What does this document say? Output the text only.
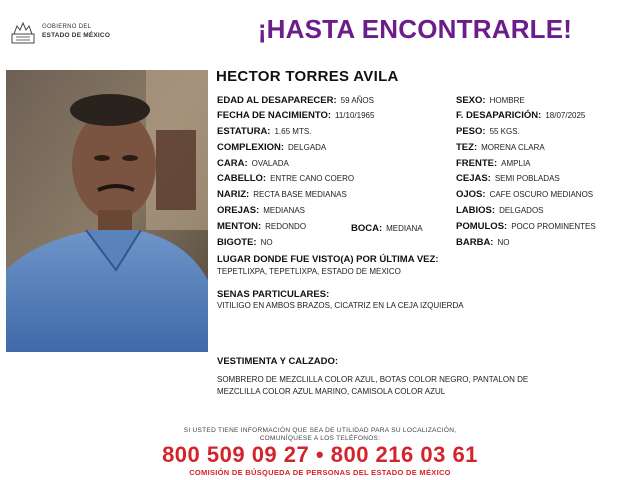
GOBIERNO DEL
ESTADO DE MÉXICO	¡HASTA ENCONTRARLE!
HECTOR TORRES AVILA
EDAD AL DESAPARECER: 59 AÑOS
FECHA DE NACIMIENTO: 11/10/1965
ESTATURA: 1.65 MTS.
COMPLEXION: DELGADA
CARA: OVALADA
CABELLO: ENTRE CANO COERO
NARIZ: RECTA BASE MEDIANAS
OREJAS: MEDIANAS
MENTON: REDONDO	BOCA: MEDIANA
BIGOTE: NO
SEXO: HOMBRE
F. DESAPARICIÓN: 18/07/2025
PESO: 55 KGS.
TEZ: MORENA CLARA
FRENTE: AMPLIA
CEJAS: SEMI POBLADAS
OJOS: CAFE OSCURO MEDIANOS
LABIOS: DELGADOS
POMULOS: POCO PROMINENTES
BARBA: NO
LUGAR DONDE FUE VISTO(A) POR ÚLTIMA VEZ:
TEPETLIXPA, TEPETLIXPA, ESTADO DE MEXICO
SENAS PARTICULARES:
VITILIGO EN AMBOS BRAZOS, CICATRIZ EN LA CEJA IZQUIERDA
VESTIMENTA Y CALZADO:
SOMBRERO DE MEZCLILLA COLOR AZUL, BOTAS COLOR NEGRO, PANTALON DE
MEZCLILLA COLOR AZUL MARINO, CAMISOLA COLOR AZUL
SI USTED TIENE INFORMACIÓN QUE SEA DE UTILIDAD PARA SU LOCALIZACIÓN,
COMUNÍQUESE A LOS TELÉFONOS:
800 509 09 27 • 800 216 03 61
COMISIÓN DE BÚSQUEDA DE PERSONAS DEL ESTADO DE MÉXICO
